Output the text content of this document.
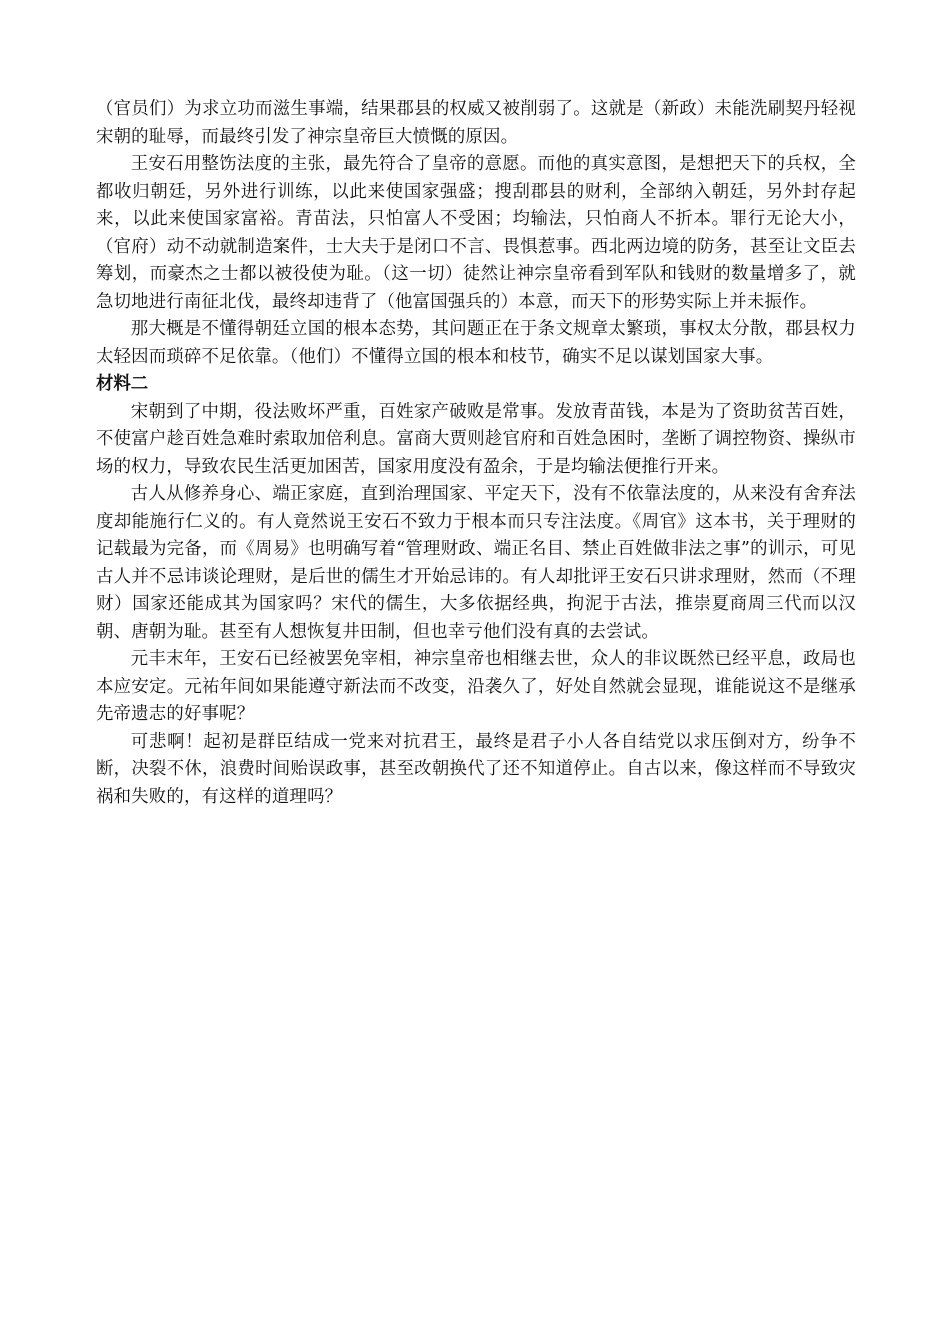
（官员们）为求立功而滋生事端，结果郡县的权威又被削弱了。这就是（新政）未能洗刷契丹轻视宋朝的耻辱，而最终引发了神宗皇帝巨大愤慨的原因。

王安石用整饬法度的主张，最先符合了皇帝的意愿。而他的真实意图，是想把天下的兵权，全都收归朝廷，另外进行训练，以此来使国家强盛；搜刮郡县的财利，全部纳入朝廷，另外封存起来，以此来使国家富裕。青苗法，只怕富人不受困；均输法，只怕商人不折本。罪行无论大小，（官府）动不动就制造案件，士大夫于是闭口不言、畏惧惹事。西北两边境的防务，甚至让文臣去筹划，而豪杰之士都以被役使为耻。（这一切）徒然让神宗皇帝看到军队和钱财的数量增多了，就急切地进行南征北伐，最终却违背了（他富国强兵的）本意，而天下的形势实际上并未振作。

那大概是不懂得朝廷立国的根本态势，其问题正在于条文规章太繁琐，事权太分散，郡县权力太轻因而琐碎不足依靠。（他们）不懂得立国的根本和枝节，确实不足以谋划国家大事。

材料二

宋朝到了中期，役法败坏严重，百姓家产破败是常事。发放青苗钱，本是为了资助贫苦百姓，不使富户趁百姓急难时索取加倍利息。富商大贾则趁官府和百姓急困时，垄断了调控物资、操纵市场的权力，导致农民生活更加困苦，国家用度没有盈余，于是均输法便推行开来。

古人从修养身心、端正家庭，直到治理国家、平定天下，没有不依靠法度的，从来没有舍弃法度却能施行仁义的。有人竟然说王安石不致力于根本而只专注法度。《周官》这本书，关于理财的记载最为完备，而《周易》也明确写着“管理财政、端正名目、禁止百姓做非法之事”的训示，可见古人并不忌讳谈论理财，是后世的儒生才开始忌讳的。有人却批评王安石只讲求理财，然而（不理财）国家还能成其为国家吗？宋代的儒生，大多依据经典，拘泥于古法，推崇夏商周三代而以汉朝、唐朝为耻。甚至有人想恢复井田制，但也幸亏他们没有真的去尝试。

元丰末年，王安石已经被罢免宰相，神宗皇帝也相继去世，众人的非议既然已经平息，政局也本应安定。元祐年间如果能遵守新法而不改变，沿袭久了，好处自然就会显现，谁能说这不是继承先帝遗志的好事呢？

可悲啊！起初是群臣结成一党来对抗君王，最终是君子小人各自结党以求压倒对方，纷争不断，决裂不休，浪费时间贻误政事，甚至改朝换代了还不知道停止。自古以来，像这样而不导致灾祸和失败的，有这样的道理吗？
